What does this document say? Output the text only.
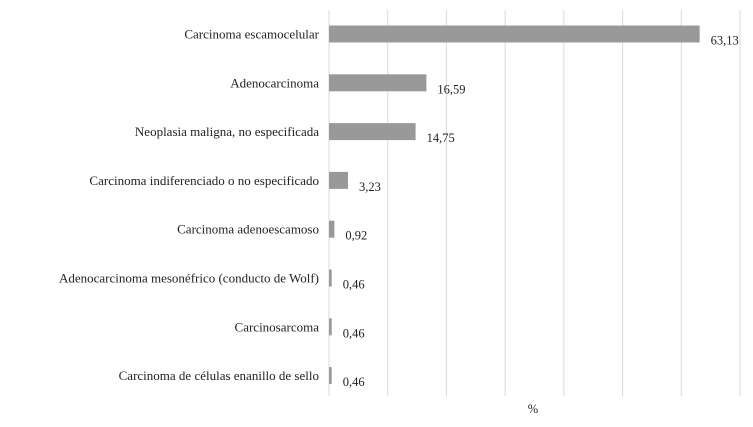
Carcinoma escamocelular
Adenocarcinoma
Neoplasia maligna, no especificada
Carcinoma indiferenciado o no especificado
Carcinoma adenoescamoso
Adenocarcinoma mesonéfrico (conducto de Wolf)
Carcinosarcoma
Carcinoma de células enanillo de sello
63,13
16,59
14,75
3,23
0,92
0,46
0,46
0,46
%
